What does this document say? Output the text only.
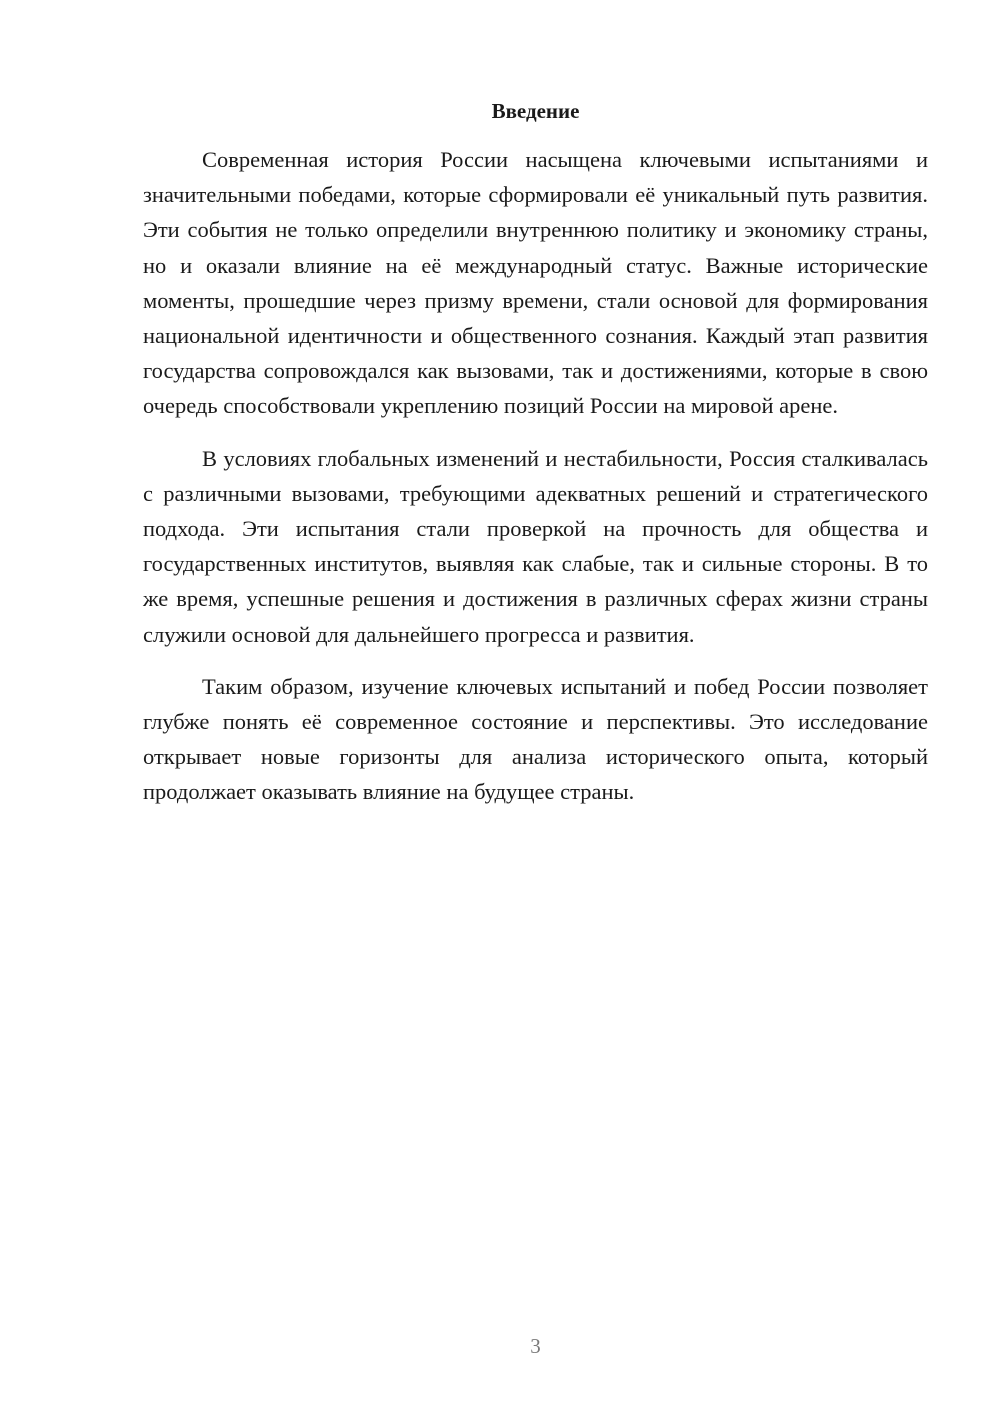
Введение

Современная история России насыщена ключевыми испытаниями и значительными победами, которые сформировали её уникальный путь развития. Эти события не только определили внутреннюю политику и экономику страны, но и оказали влияние на её международный статус. Важные исторические моменты, прошедшие через призму времени, стали основой для формирования национальной идентичности и общественного сознания. Каждый этап развития государства сопровождался как вызовами, так и достижениями, которые в свою очередь способствовали укреплению позиций России на мировой арене.

В условиях глобальных изменений и нестабильности, Россия сталкивалась с различными вызовами, требующими адекватных решений и стратегического подхода. Эти испытания стали проверкой на прочность для общества и государственных институтов, выявляя как слабые, так и сильные стороны. В то же время, успешные решения и достижения в различных сферах жизни страны служили основой для дальнейшего прогресса и развития.

Таким образом, изучение ключевых испытаний и побед России позволяет глубже понять её современное состояние и перспективы. Это исследование открывает новые горизонты для анализа исторического опыта, который продолжает оказывать влияние на будущее страны.

3
